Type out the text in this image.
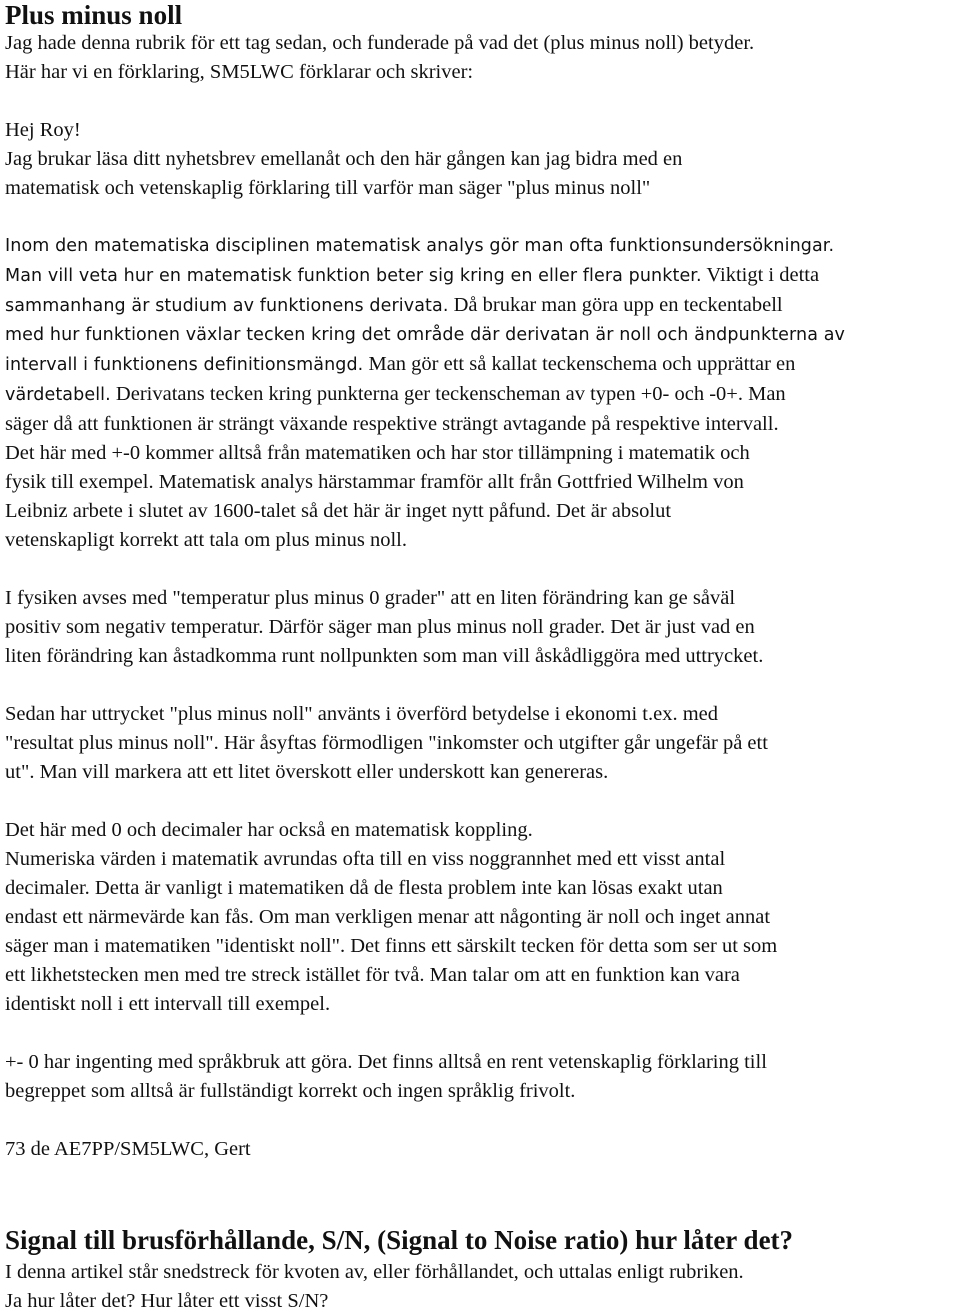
Plus minus noll

Jag hade denna rubrik för ett tag sedan, och funderade på vad det (plus minus noll) betyder.
Här har vi en förklaring, SM5LWC förklarar och skriver:

Hej Roy!
Jag brukar läsa ditt nyhetsbrev emellanåt och den här gången kan jag bidra med en
matematisk och vetenskaplig förklaring till varför man säger "plus minus noll"

Inom den matematiska disciplinen matematisk analys gör man ofta funktionsundersökningar.
Man vill veta hur en matematisk funktion beter sig kring en eller flera punkter. Viktigt i detta
sammanhang är studium av funktionens derivata. Då brukar man göra upp en teckentabell
med hur funktionen växlar tecken kring det område där derivatan är noll och ändpunkterna av
intervall i funktionens definitionsmängd. Man gör ett så kallat teckenschema och upprättar en
värdetabell. Derivatans tecken kring punkterna ger teckenscheman av typen +0- och -0+. Man
säger då att funktionen är strängt växande respektive strängt avtagande på respektive intervall.
Det här med +-0 kommer alltså från matematiken och har stor tillämpning i matematik och
fysik till exempel. Matematisk analys härstammar framför allt från Gottfried Wilhelm von
Leibniz arbete i slutet av 1600-talet så det här är inget nytt påfund. Det är absolut
vetenskapligt korrekt att tala om plus minus noll.

I fysiken avses med "temperatur plus minus 0 grader" att en liten förändring kan ge såväl
positiv som negativ temperatur. Därför säger man plus minus noll grader. Det är just vad en
liten förändring kan åstadkomma runt nollpunkten som man vill åskådliggöra med uttrycket.

Sedan har uttrycket "plus minus noll" använts i överförd betydelse i ekonomi t.ex. med
"resultat plus minus noll". Här åsyftas förmodligen "inkomster och utgifter går ungefär på ett
ut". Man vill markera att ett litet överskott eller underskott kan genereras.

Det här med 0 och decimaler har också en matematisk koppling.
Numeriska värden i matematik avrundas ofta till en viss noggrannhet med ett visst antal
decimaler. Detta är vanligt i matematiken då de flesta problem inte kan lösas exakt utan
endast ett närmevärde kan fås. Om man verkligen menar att någonting är noll och inget annat
säger man i matematiken "identiskt noll". Det finns ett särskilt tecken för detta som ser ut som
ett likhetstecken men med tre streck istället för två. Man talar om att en funktion kan vara
identiskt noll i ett intervall till exempel.

+- 0 har ingenting med språkbruk att göra. Det finns alltså en rent vetenskaplig förklaring till
begreppet som alltså är fullständigt korrekt och ingen språklig frivolt.

73 de AE7PP/SM5LWC, Gert

Signal till brusförhållande, S/N, (Signal to Noise ratio) hur låter det?

I denna artikel står snedstreck för kvoten av, eller förhållandet, och uttalas enligt rubriken.
Ja hur låter det? Hur låter ett visst S/N?
